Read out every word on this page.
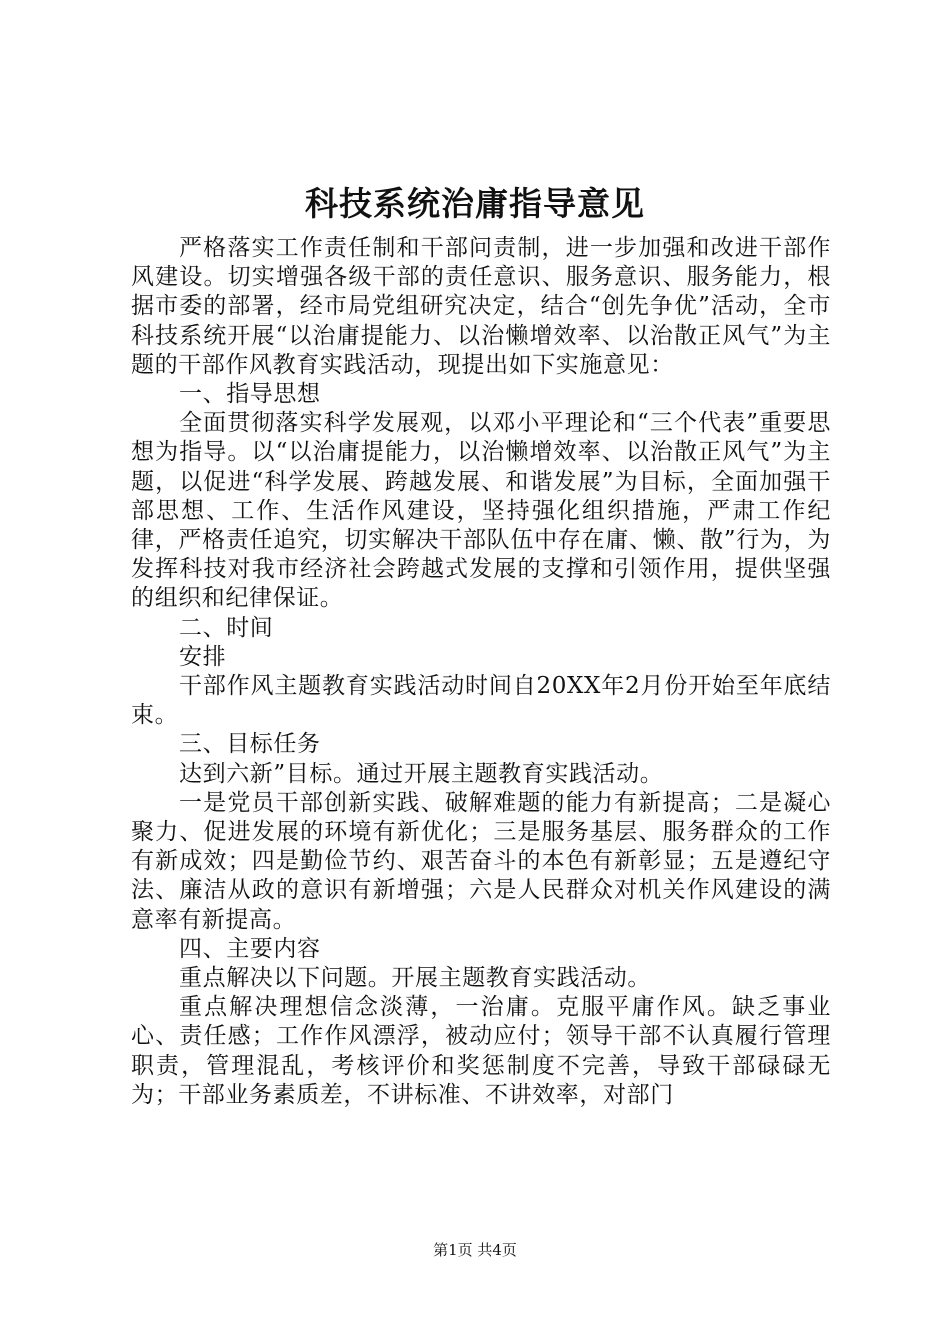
科技系统治庸指导意见

严格落实工作责任制和干部问责制，进一步加强和改进干部作风建设。切实增强各级干部的责任意识、服务意识、服务能力，根据市委的部署，经市局党组研究决定，结合“创先争优”活动，全市科技系统开展“以治庸提能力、以治懒增效率、以治散正风气”为主题的干部作风教育实践活动，现提出如下实施意见：

一、指导思想

全面贯彻落实科学发展观，以邓小平理论和“三个代表”重要思想为指导。以“以治庸提能力，以治懒增效率、以治散正风气”为主题，以促进“科学发展、跨越发展、和谐发展”为目标，全面加强干部思想、工作、生活作风建设，坚持强化组织措施，严肃工作纪律，严格责任追究，切实解决干部队伍中存在庸、懒、散”行为，为发挥科技对我市经济社会跨越式发展的支撑和引领作用，提供坚强的组织和纪律保证。

二、时间

安排

干部作风主题教育实践活动时间自20XX年2月份开始至年底结束。

三、目标任务

达到六新”目标。通过开展主题教育实践活动。

一是党员干部创新实践、破解难题的能力有新提高；二是凝心聚力、促进发展的环境有新优化；三是服务基层、服务群众的工作有新成效；四是勤俭节约、艰苦奋斗的本色有新彰显；五是遵纪守法、廉洁从政的意识有新增强；六是人民群众对机关作风建设的满意率有新提高。

四、主要内容

重点解决以下问题。开展主题教育实践活动。

重点解决理想信念淡薄，一治庸。克服平庸作风。缺乏事业心、责任感；工作作风漂浮，被动应付；领导干部不认真履行管理职责，管理混乱，考核评价和奖惩制度不完善，导致干部碌碌无为；干部业务素质差，不讲标准、不讲效率，对部门

第1页 共4页
